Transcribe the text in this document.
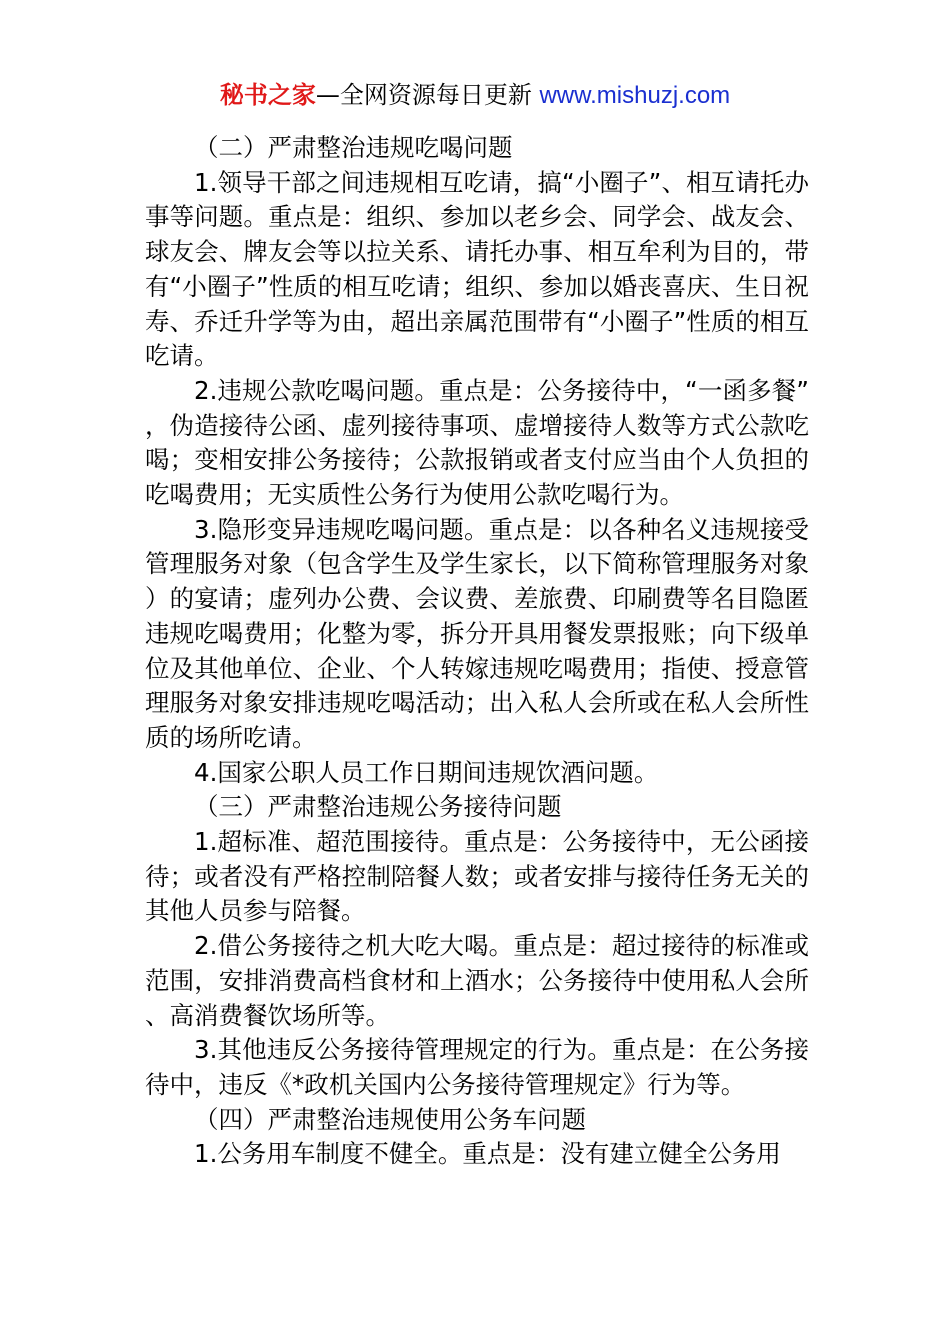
秘书之家—全网资源每日更新 www.mishuzj.com

（二）严肃整治违规吃喝问题

1.领导干部之间违规相互吃请，搞“小圈子”、相互请托办事等问题。重点是：组织、参加以老乡会、同学会、战友会、球友会、牌友会等以拉关系、请托办事、相互牟利为目的，带有“小圈子”性质的相互吃请；组织、参加以婚丧喜庆、生日祝寿、乔迁升学等为由，超出亲属范围带有“小圈子”性质的相互吃请。

2.违规公款吃喝问题。重点是：公务接待中，“一函多餐”，伪造接待公函、虚列接待事项、虚增接待人数等方式公款吃喝；变相安排公务接待；公款报销或者支付应当由个人负担的吃喝费用；无实质性公务行为使用公款吃喝行为。

3.隐形变异违规吃喝问题。重点是：以各种名义违规接受管理服务对象（包含学生及学生家长，以下简称管理服务对象）的宴请；虚列办公费、会议费、差旅费、印刷费等名目隐匿违规吃喝费用；化整为零，拆分开具用餐发票报账；向下级单位及其他单位、企业、个人转嫁违规吃喝费用；指使、授意管理服务对象安排违规吃喝活动；出入私人会所或在私人会所性质的场所吃请。

4.国家公职人员工作日期间违规饮酒问题。

（三）严肃整治违规公务接待问题

1.超标准、超范围接待。重点是：公务接待中，无公函接待；或者没有严格控制陪餐人数；或者安排与接待任务无关的其他人员参与陪餐。

2.借公务接待之机大吃大喝。重点是：超过接待的标准或范围，安排消费高档食材和上酒水；公务接待中使用私人会所、高消费餐饮场所等。

3.其他违反公务接待管理规定的行为。重点是：在公务接待中，违反《*政机关国内公务接待管理规定》行为等。

（四）严肃整治违规使用公务车问题

1.公务用车制度不健全。重点是：没有建立健全公务用
